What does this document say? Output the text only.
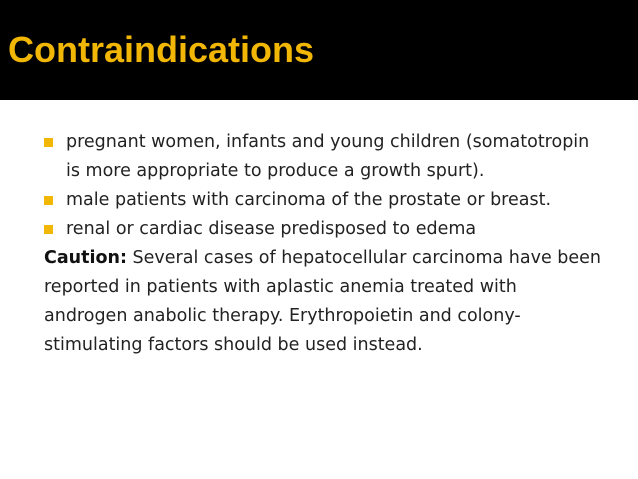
Contraindications
pregnant women, infants and young children (somatotropin is more appropriate to produce a growth spurt).
male patients with carcinoma of the prostate or breast.
renal or cardiac disease predisposed to edema

Caution: Several cases of hepatocellular carcinoma have been reported in patients with aplastic anemia treated with androgen anabolic therapy. Erythropoietin and colony-stimulating factors should be used instead.
